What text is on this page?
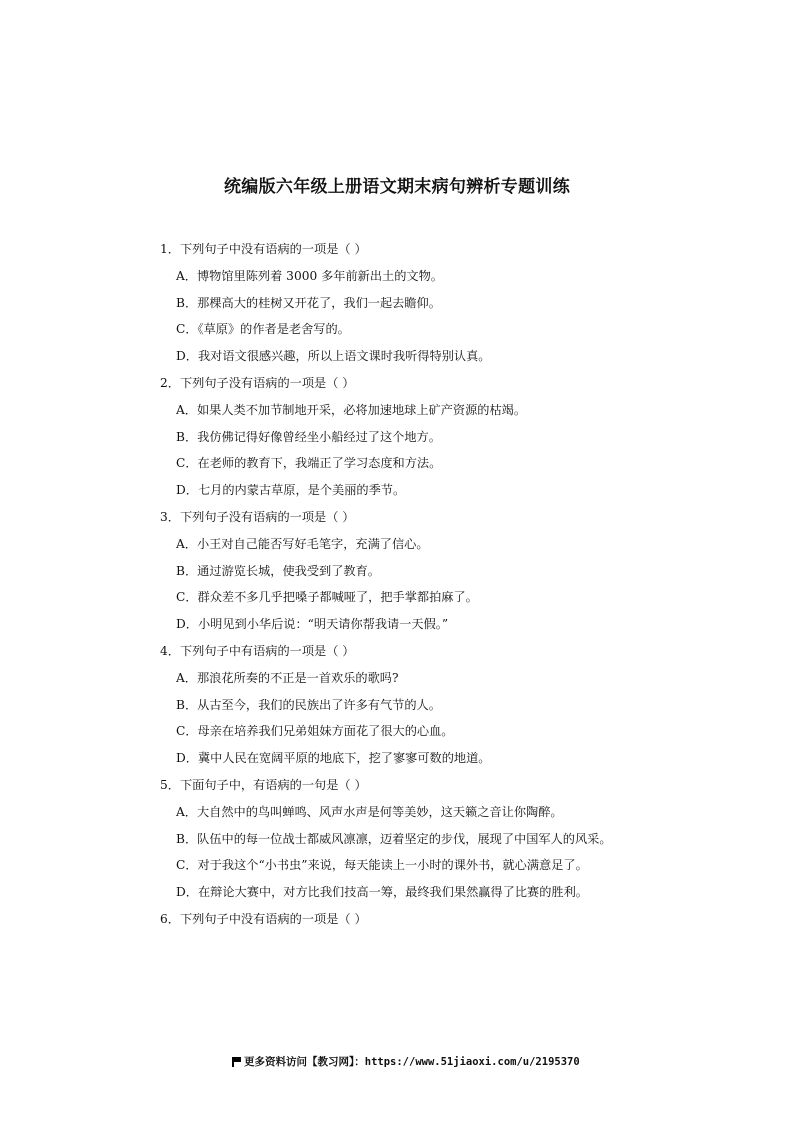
统编版六年级上册语文期末病句辨析专题训练
1．下列句子中没有语病的一项是（ ）
A．博物馆里陈列着 3000 多年前新出土的文物。
B．那棵高大的桂树又开花了，我们一起去瞻仰。
C．《草原》的作者是老舍写的。
D．我对语文很感兴趣，所以上语文课时我听得特别认真。
2．下列句子没有语病的一项是（ ）
A．如果人类不加节制地开采，必将加速地球上矿产资源的枯竭。
B．我仿佛记得好像曾经坐小船经过了这个地方。
C．在老师的教育下，我端正了学习态度和方法。
D．七月的内蒙古草原，是个美丽的季节。
3．下列句子没有语病的一项是（ ）
A．小王对自己能否写好毛笔字，充满了信心。
B．通过游览长城，使我受到了教育。
C．群众差不多几乎把嗓子都喊哑了，把手掌都拍麻了。
D．小明见到小华后说：“明天请你帮我请一天假。”
4．下列句子中有语病的一项是（ ）
A．那浪花所奏的不正是一首欢乐的歌吗?
B．从古至今，我们的民族出了许多有气节的人。
C．母亲在培养我们兄弟姐妹方面花了很大的心血。
D．冀中人民在宽阔平原的地底下，挖了寥寥可数的地道。
5．下面句子中，有语病的一句是（ ）
A．大自然中的鸟叫蝉鸣、风声水声是何等美妙，这天籁之音让你陶醉。
B．队伍中的每一位战士都威风凛凛，迈着坚定的步伐，展现了中国军人的风采。
C．对于我这个“小书虫”来说，每天能读上一小时的课外书，就心满意足了。
D．在辩论大赛中，对方比我们技高一筹，最终我们果然赢得了比赛的胜利。
6．下列句子中没有语病的一项是（ ）
更多资料访问【教习网】：https://www.51jiaoxi.com/u/2195370
